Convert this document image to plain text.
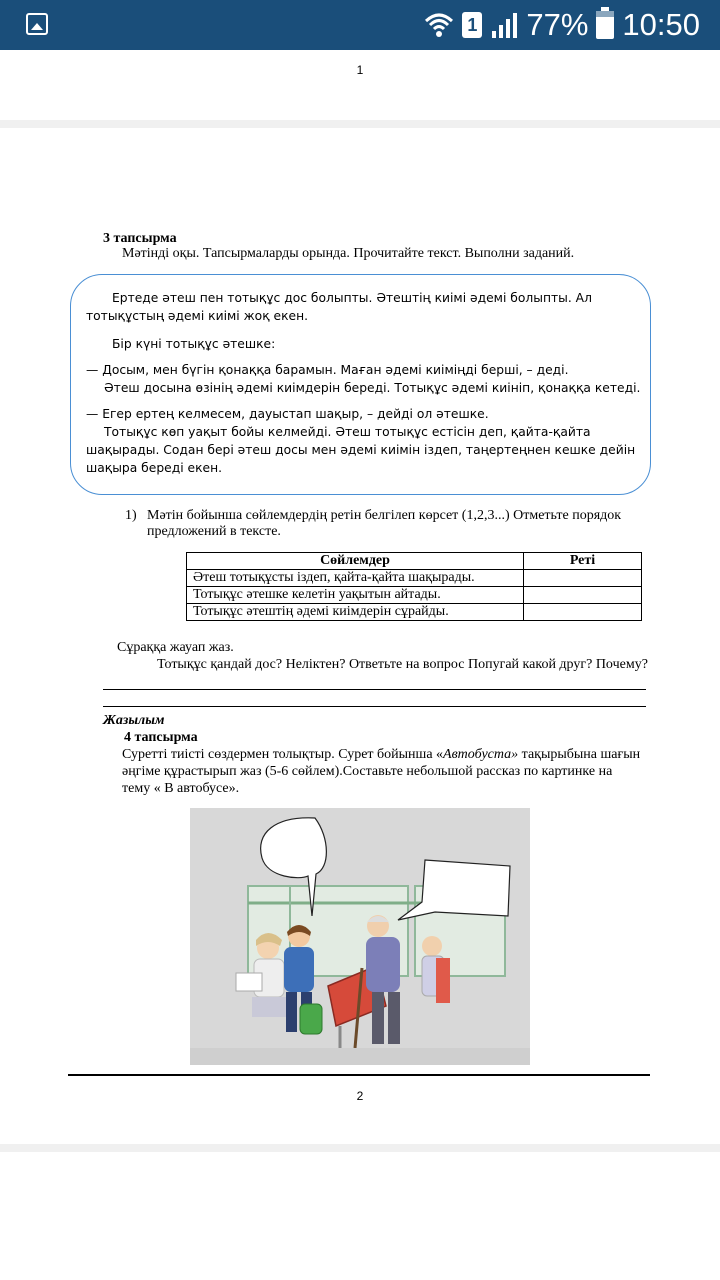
1 77% 10:50
1
3 тапсырма
Мәтінді оқы. Тапсырмаларды орында. Прочитайте текст. Выполни заданий.
Ертеде әтеш пен тотықұс дос болыпты. Әтештің киімі әдемі болыпты. Ал тотықұстың әдемі киімі жоқ екен.
Бір күні тотықұс әтешке:
— Досым, мен бүгін қонаққа барамын. Маған әдемі киіміңді берші, – деді.
Әтеш досына өзінің әдемі киімдерін береді. Тотықұс әдемі киініп, қонаққа кетеді.
— Егер ертең келмесем, дауыстап шақыр, – дейді ол әтешке.
Тотықұс көп уақыт бойы келмейді. Әтеш тотықұс естісін деп, қайта-қайта шақырады. Содан бері әтеш досы мен әдемі киімін іздеп, таңертеңнен кешке дейін шақыра береді екен.
1) Мәтін бойынша сөйлемдердің ретін белгілеп көрсет (1,2,3...) Отметьте порядок предложений в тексте.
Сөйлемдер	Реті
Әтеш тотықұсты іздеп, қайта-қайта шақырады.	
Тотықұс әтешке келетін уақытын айтады.	
Тотықұс әтештің әдемі киімдерін сұрайды.	
Сұраққа жауап жаз.
Тотықұс қандай дос? Неліктен? Ответьте на вопрос Попугай какой друг? Почему?
Жазылым
4 тапсырма
Суретті тиісті сөздермен толықтыр. Сурет бойынша «Автобуста» тақырыбына шағын әңгіме құрастырып жаз (5-6 сөйлем).Составьте небольшой рассказ по картинке на тему « В автобусе».
2
